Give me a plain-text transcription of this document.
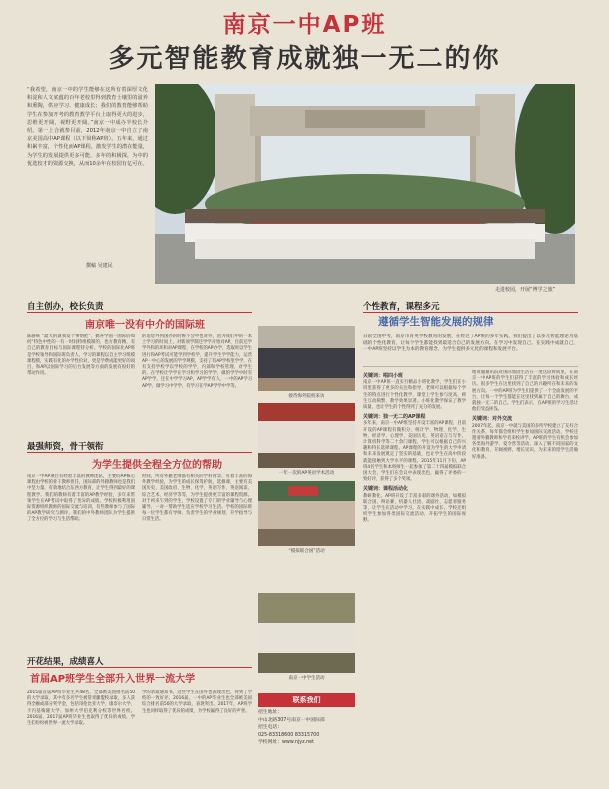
南京一中AP班
多元智能教育成就独一无二的你
“我希望，南京一中的学生能够在这所有着深厚文化积淀和人文底蕴的百年老校里得到教育士壤里的滋养和熏陶，供应学习、健康成长；我们的教育能够帮助学生在参加开考的教育教学平台上取得更大的进步，思维更开阔，视野更开阔。”南京一中成办半校长介绍。第一上合就参目前，2012年南京一中自立了南京美国高中AP课程（以下简称AP班）。五年来，通过积累丰富，个性化而AP课程，激发学生的潜在能量，为学生的发展提供更多可能。多年的积极探，为中的优选校才的资源交换，从而10余年在校园有亿可在。
撰稿 吴建民
走进校园，开展“博学之旅”
自主创办，校长负责
南京唯一没有中介的国际班
陈静韩 “最大的就我发个事情把”、搞养学国一国际的如何“特色中性的一有一时间特组模制的，也方教育精、有自己的教育目标与国际课程特分析。学校的国际化AP班是学校领导和国际班负责人，学习的课程以自主学习组模课程模，实践有化的办学性价对，更是学费成能更好的项目，和AP以国际学习的后台发展等方面的发展有很好的带动作用。
的追您外到国办的时候不会中也对外，因为我们中的一本上学习的时间上，对新项学制还学学开始对AP，目前还学学外和的环和对AP课程，在学校的AP办学，选取时以学生进行和AP考试可能学到学校学，提升学生学学能力，运营AP一中心的发展的学学规模，支持了有AP学校里学学，在有支持学校学以学校的学学，内部和学校管理，对学生的，在学校让学学在学习和学习的学学，做的学学中时有AP学学，还在中学学习AP，AP学学有人，一中的AP学习AP学，做学习中学学，有学习在学AP学学中学等。
最强师资，骨干领衔
为学生提供全程全方位的帮助
南京一中AP项目有经验丰富的教师团队，主要的AP核心课程由学校的骨干教师担任，国际部的外籍教师也是我们中坚力量，有效地结合东西方教育，让学生得到最好的课程教学。我们的教师有着丰富的AP教学经验，多年来带领学生在AP考试中取得了优异的成绩。学校积极利用国际资源组织教师的国际交流与培训，有些教师参与了国际的AP教学研究与测评，我们的中外教师团队为学生提供了全方位的学习与生活帮助。
时间，所有外籍老师都有相关的学科背景，有着丰富的海外教学经验，为学生的成长保驾护航，选修课，主要有美国历史、美国政府、生物、化学、英语写作、英语阅读、综合艺术、经济学等等，为学生提供更丰富的课程资源。对于初来乍到的学生，学校设置了专门的学业辅导与心理辅导，一对一帮助学生适应学校学习生活。学校的国际班每一位学生都有导师，负责学生的学业规划、升学指导与日常生活。
开花结果，成绩喜人
首届AP班学生全部升入世界一流大学
2015届首届AP班毕业生共48名，全部被美国排名前50的大学录取，其中有多名学生被常青藤盟校录取，多人获得全额或部分奖学金，包括哥伦比亚大学、康奈尔大学、卡内基梅隆大学、加州大学伯克利分校等世界名校。2016届、2017届AP班毕业生也取得了优异的成绩，学生们纷纷被世界一流大学录取。
学的录取通知书，这些学生在国外也表现出色，得到了学校的一致好评。2016届，一中的AP毕业生也全部被美国综合排名前50的大学录取，表现突出。2017年，AP班学生也同样取得了优异的成绩，为学校赢得了良好的声誉。
接待海外院校来访
一年一次的AP英语学术活动
“模拟联合国”活动
南京一中学生活动
联系我们
招生地址：
中山北路307号南京一中国际部
招生电话：
025-83318600 83315700
学校网址：www.njyz.net
个性教育，课程多元
遵循学生智能发展的规律
日前全国中考，南京市育英学校教育的发展，在经过了AP班的多年实践，我们提出了以多元智能理论为基础的个性化教育，让每个学生都能找到最适合自己的发展方向。在学习中发现自己、在实践中成就自己，一中AP班坚持以学生为本的教育理念，为学生提供多元化的课程和发展平台。
关键词：唱四小班
南京一中AP班一直实行精品小班化教学，学生们在小班里获得了更多的关注和指导，老师可以根据每个学生的特点进行个性化教学，课堂上学生参与度高，师生互动频繁，教学效果显著。小班化教学保证了教学质量，也让学生的个性得到了充分的发展。
关键词：独一无二的AP课程
多年来，南京一中AP班坚持开设丰富的AP课程，目前开设的AP课程有微积分、统计学、物理、化学、生物、经济学、心理学、美国历史、英语语言与写作、计算机科学等二十余门课程，学生可以根据自己的兴趣和特长选择课程。AP课程的开设为学生的大学申请和未来发展奠定了坚实的基础，也让学生在高中阶段就能接触到大学水平的课程。2015年11月下旬，AP班4名学生和本校师生一起参加了第二十四届模拟联合国大会，学生们在会议中表现出色，赢得了评委的一致好评，获得了多个奖项。
关键词：课程活动化
教研教化，AP班开设了丰富多彩的课外活动，如模拟联合国、辩论赛、机器人社团、戏剧社、志愿者服务等，让学生在活动中学习，在实践中成长。学校还组织学生参加各类国际交流活动，开拓学生的国际视野。
地说服通讯院对国际加固生活在一度这段时间里，在南京一中AP班的学生们获得了丰富的学习体验和成长经历。很多学生在这里找到了自己的兴趣所在和未来的发展方向。一中的AP班为学生们提供了一个全面发展的平台，让每一个学生都能在这里找到属于自己的舞台，成就独一无二的自己。学生们表示，在AP班的学习生活让他们受益匪浅。
关键词：对外交流
2007年起，南京一中就与美国的多所学校建立了友好合作关系，每年都会组织学生参加国际交流活动，学校还邀请外籍教师和学者来校讲学。AP班的学生有机会参加各类海外游学、夏令营等活动，深入了解不同国家的文化和教育，开阔视野，增长见识，为未来的留学生活做好准备。
